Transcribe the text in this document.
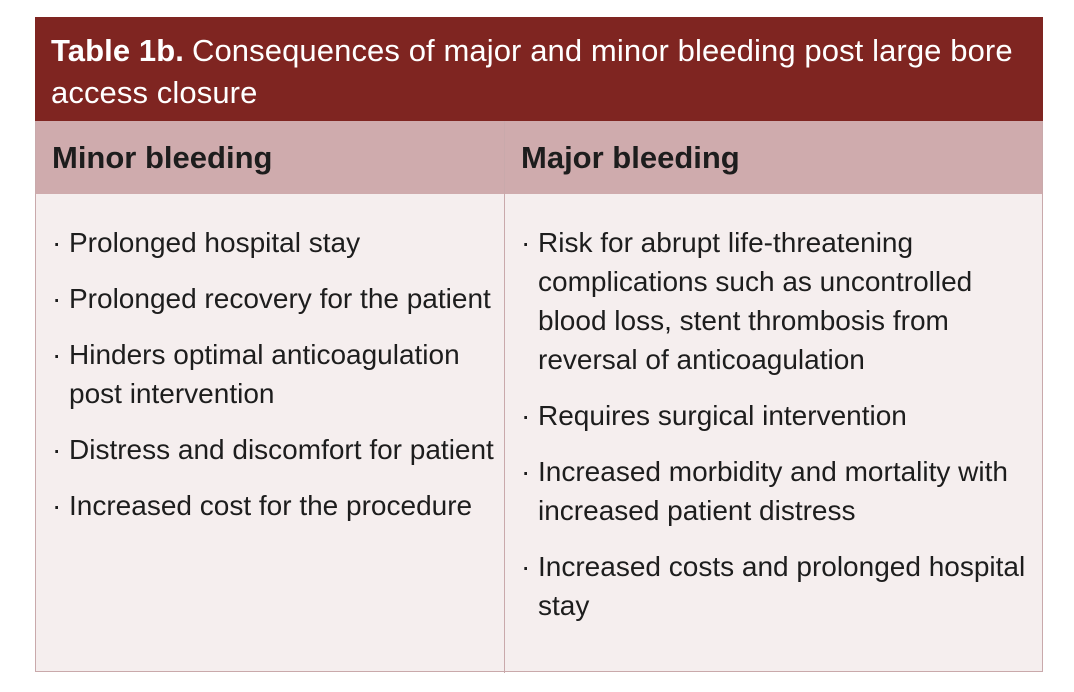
Table 1b. Consequences of major and minor bleeding post large bore access closure
Minor bleeding	Major bleeding
· Prolonged hospital stay
· Prolonged recovery for the patient
· Hinders optimal anticoagulation post intervention
· Distress and discomfort for patient
· Increased cost for the procedure
· Risk for abrupt life-threatening complications such as uncontrolled blood loss, stent thrombosis from reversal of anticoagulation
· Requires surgical intervention
· Increased morbidity and mortality with increased patient distress
· Increased costs and prolonged hospital stay
